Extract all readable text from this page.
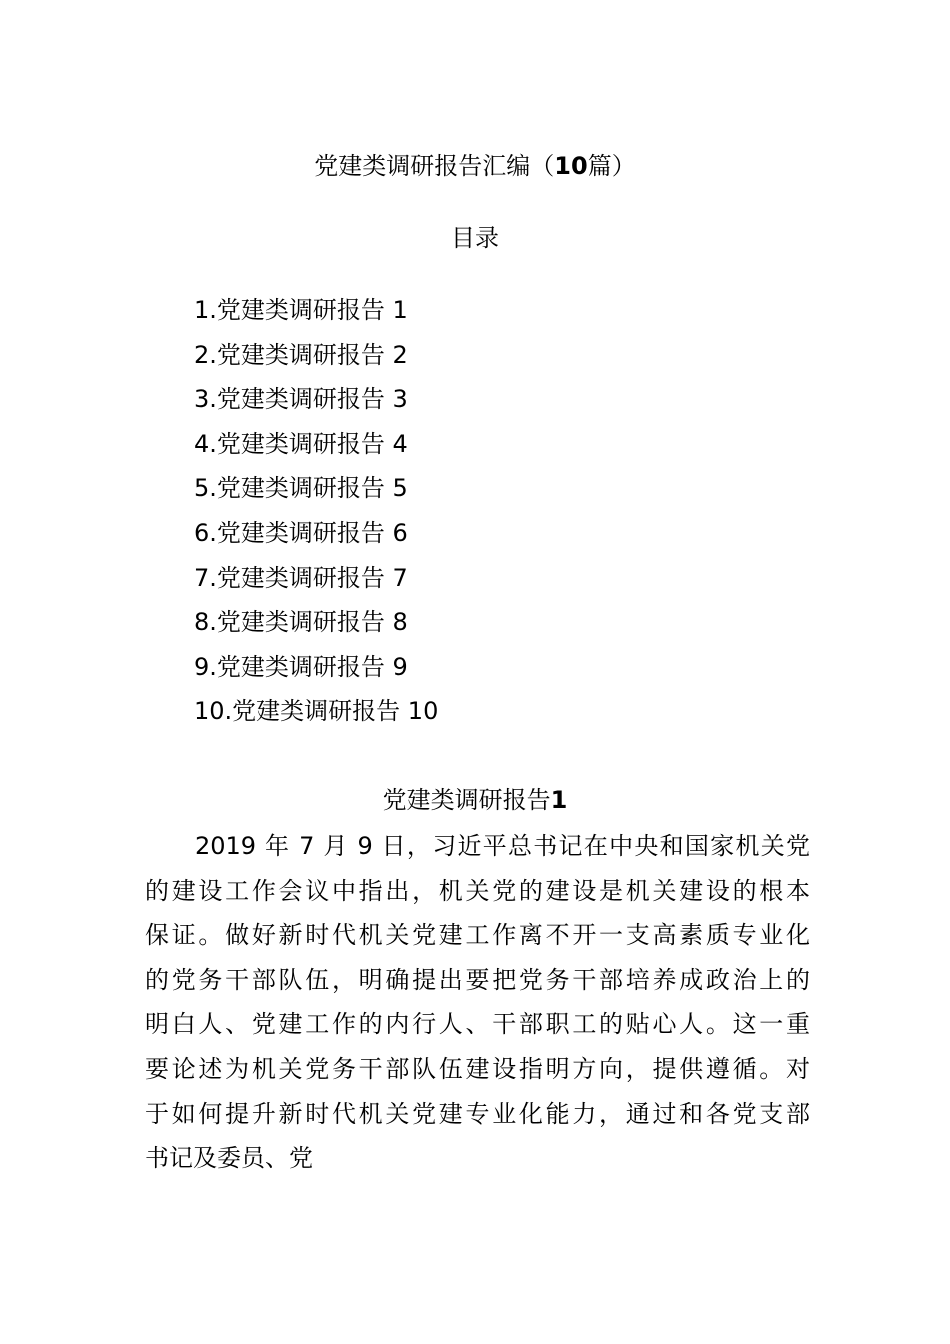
党建类调研报告汇编（10篇）
目录
1.党建类调研报告 1
2.党建类调研报告 2
3.党建类调研报告 3
4.党建类调研报告 4
5.党建类调研报告 5
6.党建类调研报告 6
7.党建类调研报告 7
8.党建类调研报告 8
9.党建类调研报告 9
10.党建类调研报告 10
党建类调研报告1
2019 年 7 月 9 日，习近平总书记在中央和国家机关党
的建设工作会议中指出，机关党的建设是机关建设的根本
保证。做好新时代机关党建工作离不开一支高素质专业化
的党务干部队伍，明确提出要把党务干部培养成政治上的
明白人、党建工作的内行人、干部职工的贴心人。这一重
要论述为机关党务干部队伍建设指明方向，提供遵循。对
于如何提升新时代机关党建专业化能力，通过和各党支部
书记及委员、党
